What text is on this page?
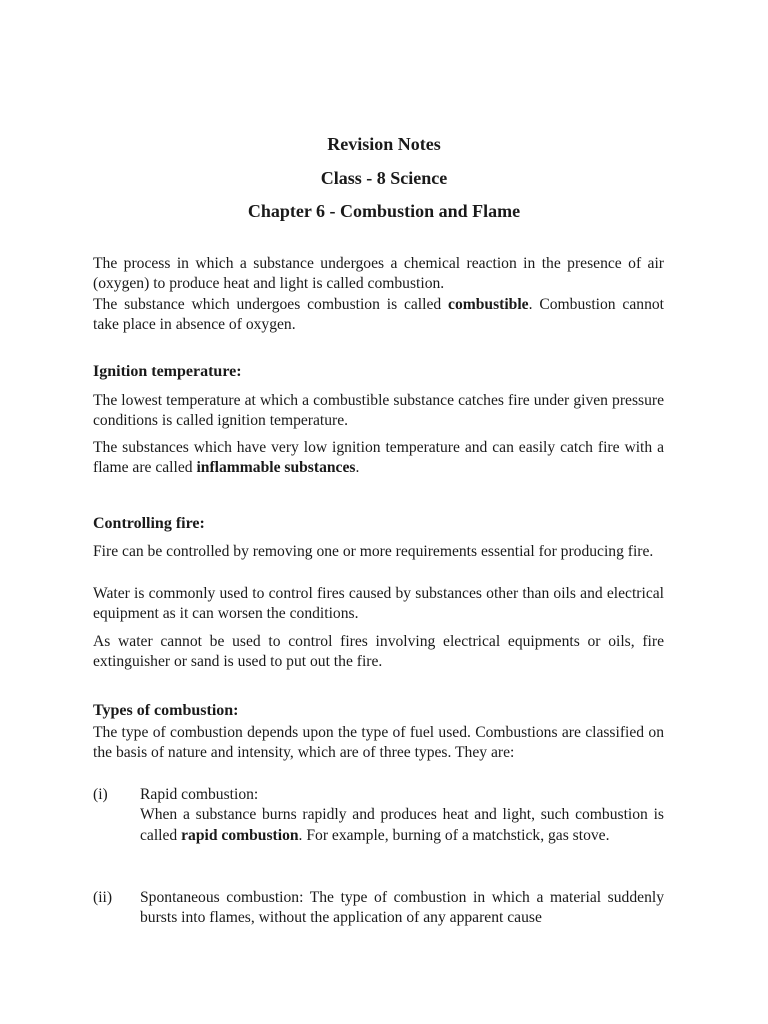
Revision Notes
Class - 8 Science
Chapter 6 - Combustion and Flame
The process in which a substance undergoes a chemical reaction in the presence of air (oxygen) to produce heat and light is called combustion.
The substance which undergoes combustion is called combustible. Combustion cannot take place in absence of oxygen.
Ignition temperature:
The lowest temperature at which a combustible substance catches fire under given pressure conditions is called ignition temperature.
The substances which have very low ignition temperature and can easily catch fire with a flame are called inflammable substances.
Controlling fire:
Fire can be controlled by removing one or more requirements essential for producing fire.
Water is commonly used to control fires caused by substances other than oils and electrical equipment as it can worsen the conditions.
As water cannot be used to control fires involving electrical equipments or oils, fire extinguisher or sand is used to put out the fire.
Types of combustion:
The type of combustion depends upon the type of fuel used. Combustions are classified on the basis of nature and intensity, which are of three types. They are:
(i)	Rapid combustion:
When a substance burns rapidly and produces heat and light, such combustion is called rapid combustion. For example, burning of a matchstick, gas stove.
(ii)	Spontaneous combustion: The type of combustion in which a material suddenly bursts into flames, without the application of any apparent cause
